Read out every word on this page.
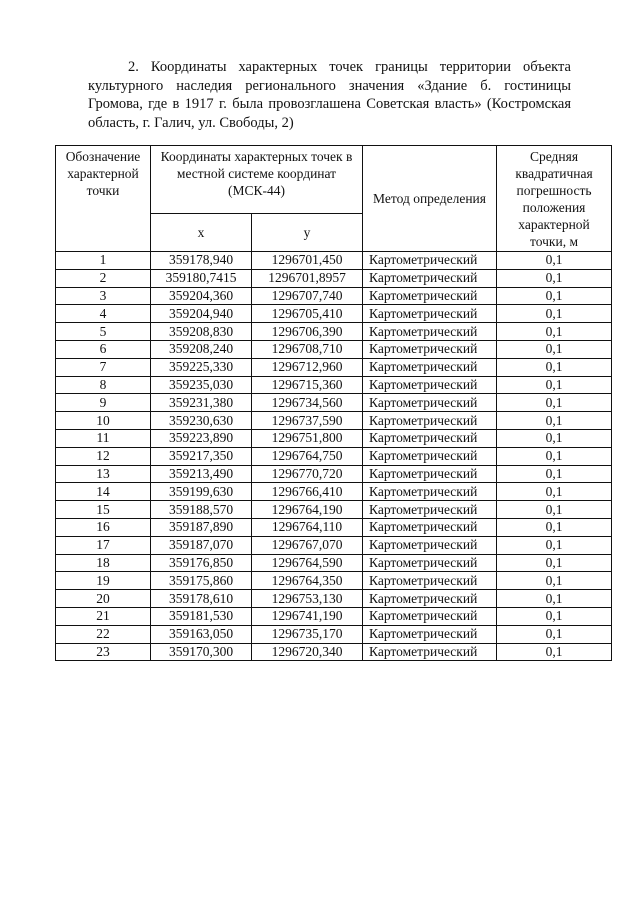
2. Координаты характерных точек границы территории объекта культурного наследия регионального значения «Здание б. гостиницы Громова, где в 1917 г. была провозглашена Советская власть» (Костромская область, г. Галич, ул. Свободы, 2)
Обозначение характерной точки	Координаты характерных точек в местной системе координат (МСК-44)		Метод определения	Средняя квадратичная погрешность положения характерной точки, м
	х	у		
1	359178,940	1296701,450	Картометрический	0,1
2	359180,7415	1296701,8957	Картометрический	0,1
3	359204,360	1296707,740	Картометрический	0,1
4	359204,940	1296705,410	Картометрический	0,1
5	359208,830	1296706,390	Картометрический	0,1
6	359208,240	1296708,710	Картометрический	0,1
7	359225,330	1296712,960	Картометрический	0,1
8	359235,030	1296715,360	Картометрический	0,1
9	359231,380	1296734,560	Картометрический	0,1
10	359230,630	1296737,590	Картометрический	0,1
11	359223,890	1296751,800	Картометрический	0,1
12	359217,350	1296764,750	Картометрический	0,1
13	359213,490	1296770,720	Картометрический	0,1
14	359199,630	1296766,410	Картометрический	0,1
15	359188,570	1296764,190	Картометрический	0,1
16	359187,890	1296764,110	Картометрический	0,1
17	359187,070	1296767,070	Картометрический	0,1
18	359176,850	1296764,590	Картометрический	0,1
19	359175,860	1296764,350	Картометрический	0,1
20	359178,610	1296753,130	Картометрический	0,1
21	359181,530	1296741,190	Картометрический	0,1
22	359163,050	1296735,170	Картометрический	0,1
23	359170,300	1296720,340	Картометрический	0,1
